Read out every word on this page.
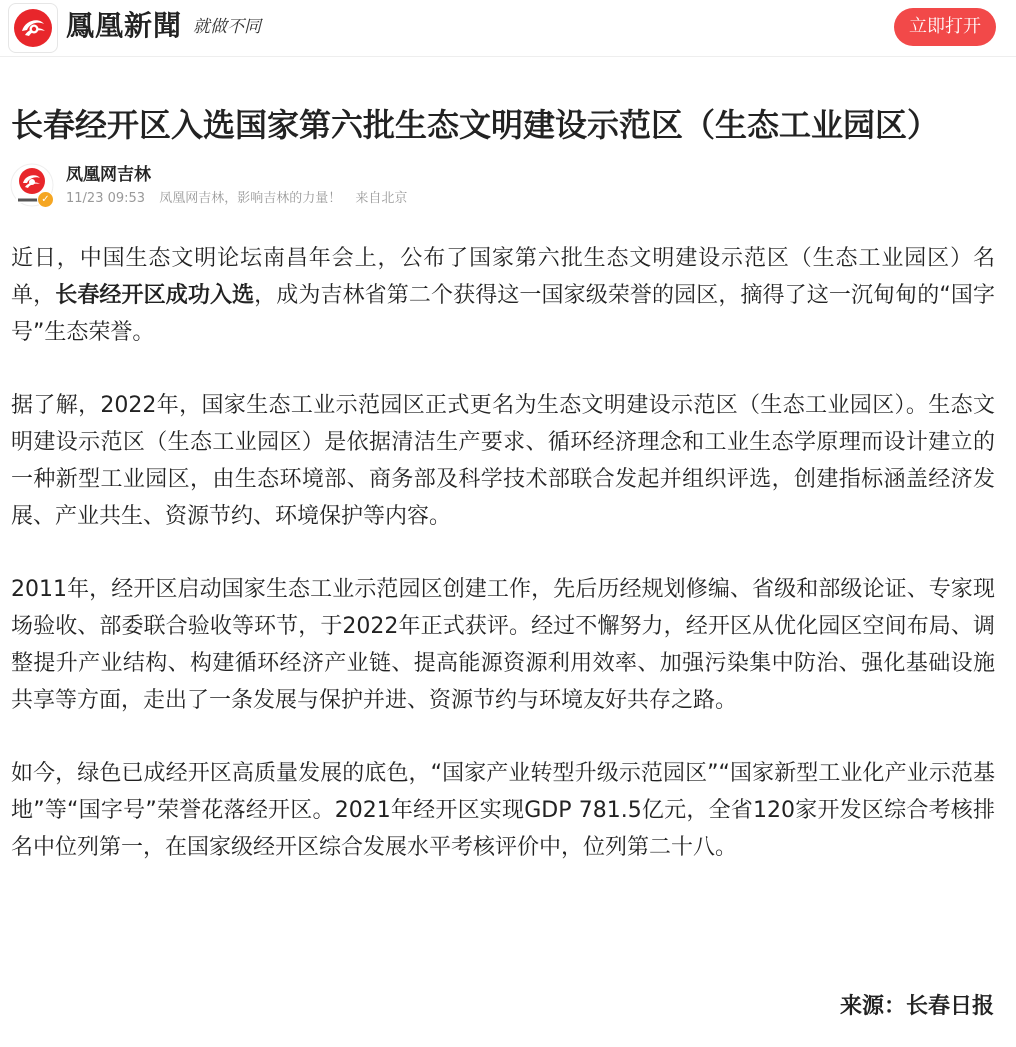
鳳凰新聞 就做不同	立即打开
长春经开区入选国家第六批生态文明建设示范区（生态工业园区）
✓
凤凰网吉林
11/23 09:53 凤凰网吉林，影响吉林的力量！ 来自北京

近日，中国生态文明论坛南昌年会上，公布了国家第六批生态文明建设示范区（生态工业园区）名单，长春经开区成功入选，成为吉林省第二个获得这一国家级荣誉的园区，摘得了这一沉甸甸的“国字号”生态荣誉。

据了解，2022年，国家生态工业示范园区正式更名为生态文明建设示范区（生态工业园区）。生态文明建设示范区（生态工业园区）是依据清洁生产要求、循环经济理念和工业生态学原理而设计建立的一种新型工业园区，由生态环境部、商务部及科学技术部联合发起并组织评选，创建指标涵盖经济发展、产业共生、资源节约、环境保护等内容。

2011年，经开区启动国家生态工业示范园区创建工作，先后历经规划修编、省级和部级论证、专家现场验收、部委联合验收等环节，于2022年正式获评。经过不懈努力，经开区从优化园区空间布局、调整提升产业结构、构建循环经济产业链、提高能源资源利用效率、加强污染集中防治、强化基础设施共享等方面，走出了一条发展与保护并进、资源节约与环境友好共存之路。

如今，绿色已成经开区高质量发展的底色，“国家产业转型升级示范园区”“国家新型工业化产业示范基地”等“国字号”荣誉花落经开区。2021年经开区实现GDP 781.5亿元，全省120家开发区综合考核排名中位列第一，在国家级经开区综合发展水平考核评价中，位列第二十八。

来源：长春日报
